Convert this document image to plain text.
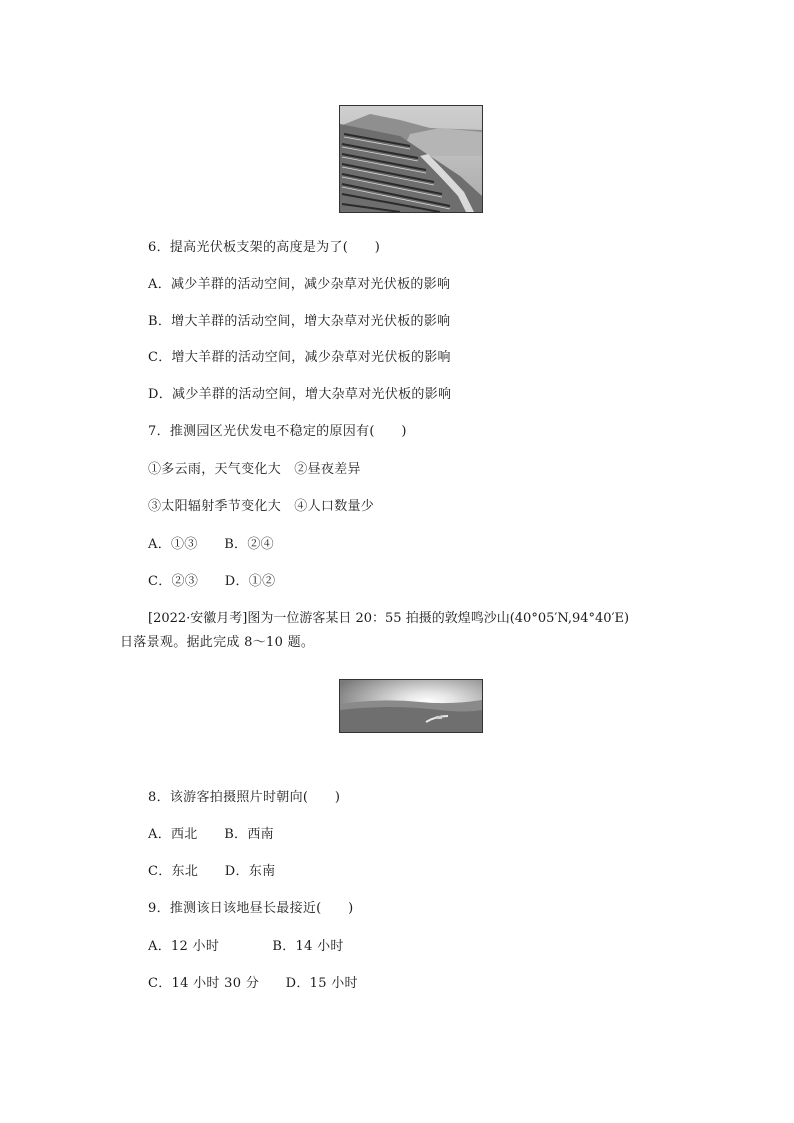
6．提高光伏板支架的高度是为了(　　)
A．减少羊群的活动空间，减少杂草对光伏板的影响
B．增大羊群的活动空间，增大杂草对光伏板的影响
C．增大羊群的活动空间，减少杂草对光伏板的影响
D．减少羊群的活动空间，增大杂草对光伏板的影响
7．推测园区光伏发电不稳定的原因有(　　)
①多云雨，天气变化大　②昼夜差异
③太阳辐射季节变化大　④人口数量少
A．①③　　B．②④
C．②③　　D．①②
[2022·安徽月考]图为一位游客某日 20：55 拍摄的敦煌鸣沙山(40°05′N,94°40′E)
日落景观。据此完成 8～10 题。
8．该游客拍摄照片时朝向(　　)
A．西北　　B．西南
C．东北　　D．东南
9．推测该日该地昼长最接近(　　)
A．12 小时　　　　B．14 小时
C．14 小时 30 分　　D．15 小时
